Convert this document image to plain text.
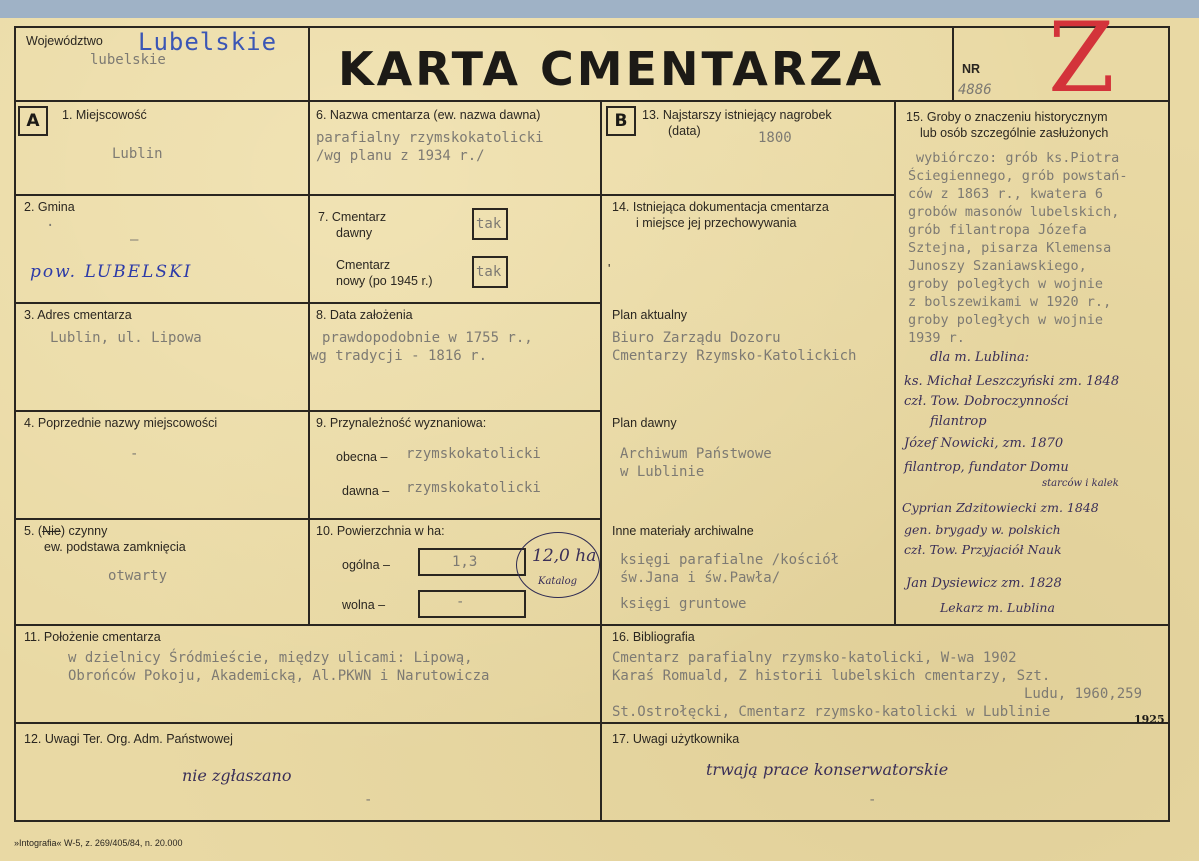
Województwo Lubelskie
lubelskie	KARTA CMENTARZA	NR
4886 Z
A	B
1. Miejscowość
Lublin
2. Gmina
·
–
pow. LUBELSKI
3. Adres cmentarza
Lublin, ul. Lipowa
4. Poprzednie nazwy miejscowości
-
5. (Nie) czynny
ew. podstawa zamknięcia
otwarty
6. Nazwa cmentarza (ew. nazwa dawna)
parafialny rzymskokatolicki
/wg planu z 1934 r./
7. Cmentarz
dawny
tak
Cmentarz
nowy (po 1945 r.)
tak
8. Data założenia
prawdopodobnie w 1755 r.,
wg tradycji - 1816 r.
9. Przynależność wyznaniowa:
obecna – rzymskokatolicki
dawna – rzymskokatolicki
10. Powierzchnia w ha:
ogólna –	1,3	12,0 ha
Katalog
wolna –	-
13. Najstarszy istniejący nagrobek
(data)	1800
14. Istniejąca dokumentacja cmentarza
i miejsce jej przechowywania
'
Plan aktualny
Biuro Zarządu Dozoru
Cmentarzy Rzymsko-Katolickich
Plan dawny
Archiwum Państwowe
w Lublinie
Inne materiały archiwalne
księgi parafialne /kościół
św.Jana i św.Pawła/
księgi gruntowe
15. Groby o znaczeniu historycznym
lub osób szczególnie zasłużonych
wybiórczo: grób ks.Piotra
Ściegiennego, grób powstań-
ców z 1863 r., kwatera 6
grobów masonów lubelskich,
grób filantropa Józefa
Sztejna, pisarza Klemensa
Junoszy Szaniawskiego,
groby poległych w wojnie
z bolszewikami w 1920 r.,
groby poległych w wojnie
1939 r.
dla m. Lublina:
ks. Michał Leszczyński zm. 1848
czł. Tow. Dobroczynności
filantrop
Józef Nowicki, zm. 1870
filantrop, fundator Domu
starców i kalek
Cyprian Zdzitowiecki zm. 1848
gen. brygady w. polskich
czł. Tow. Przyjaciół Nauk
Jan Dysiewicz zm. 1828
Lekarz m. Lublina
11. Położenie cmentarza
w dzielnicy Śródmieście, między ulicami: Lipową,
Obrońców Pokoju, Akademicką, Al.PKWN i Narutowicza
12. Uwagi Ter. Org. Adm. Państwowej
nie zgłaszano
-
16. Bibliografia
Cmentarz parafialny rzymsko-katolicki, W-wa 1902
Karaś Romuald, Z historii lubelskich cmentarzy, Szt.
Ludu, 1960,259
St.Ostrołęcki, Cmentarz rzymsko-katolicki w Lublinie	1925
17. Uwagi użytkownika
trwają prace konserwatorskie
-
»Intografia« W-5, z. 269/405/84, n. 20.000
